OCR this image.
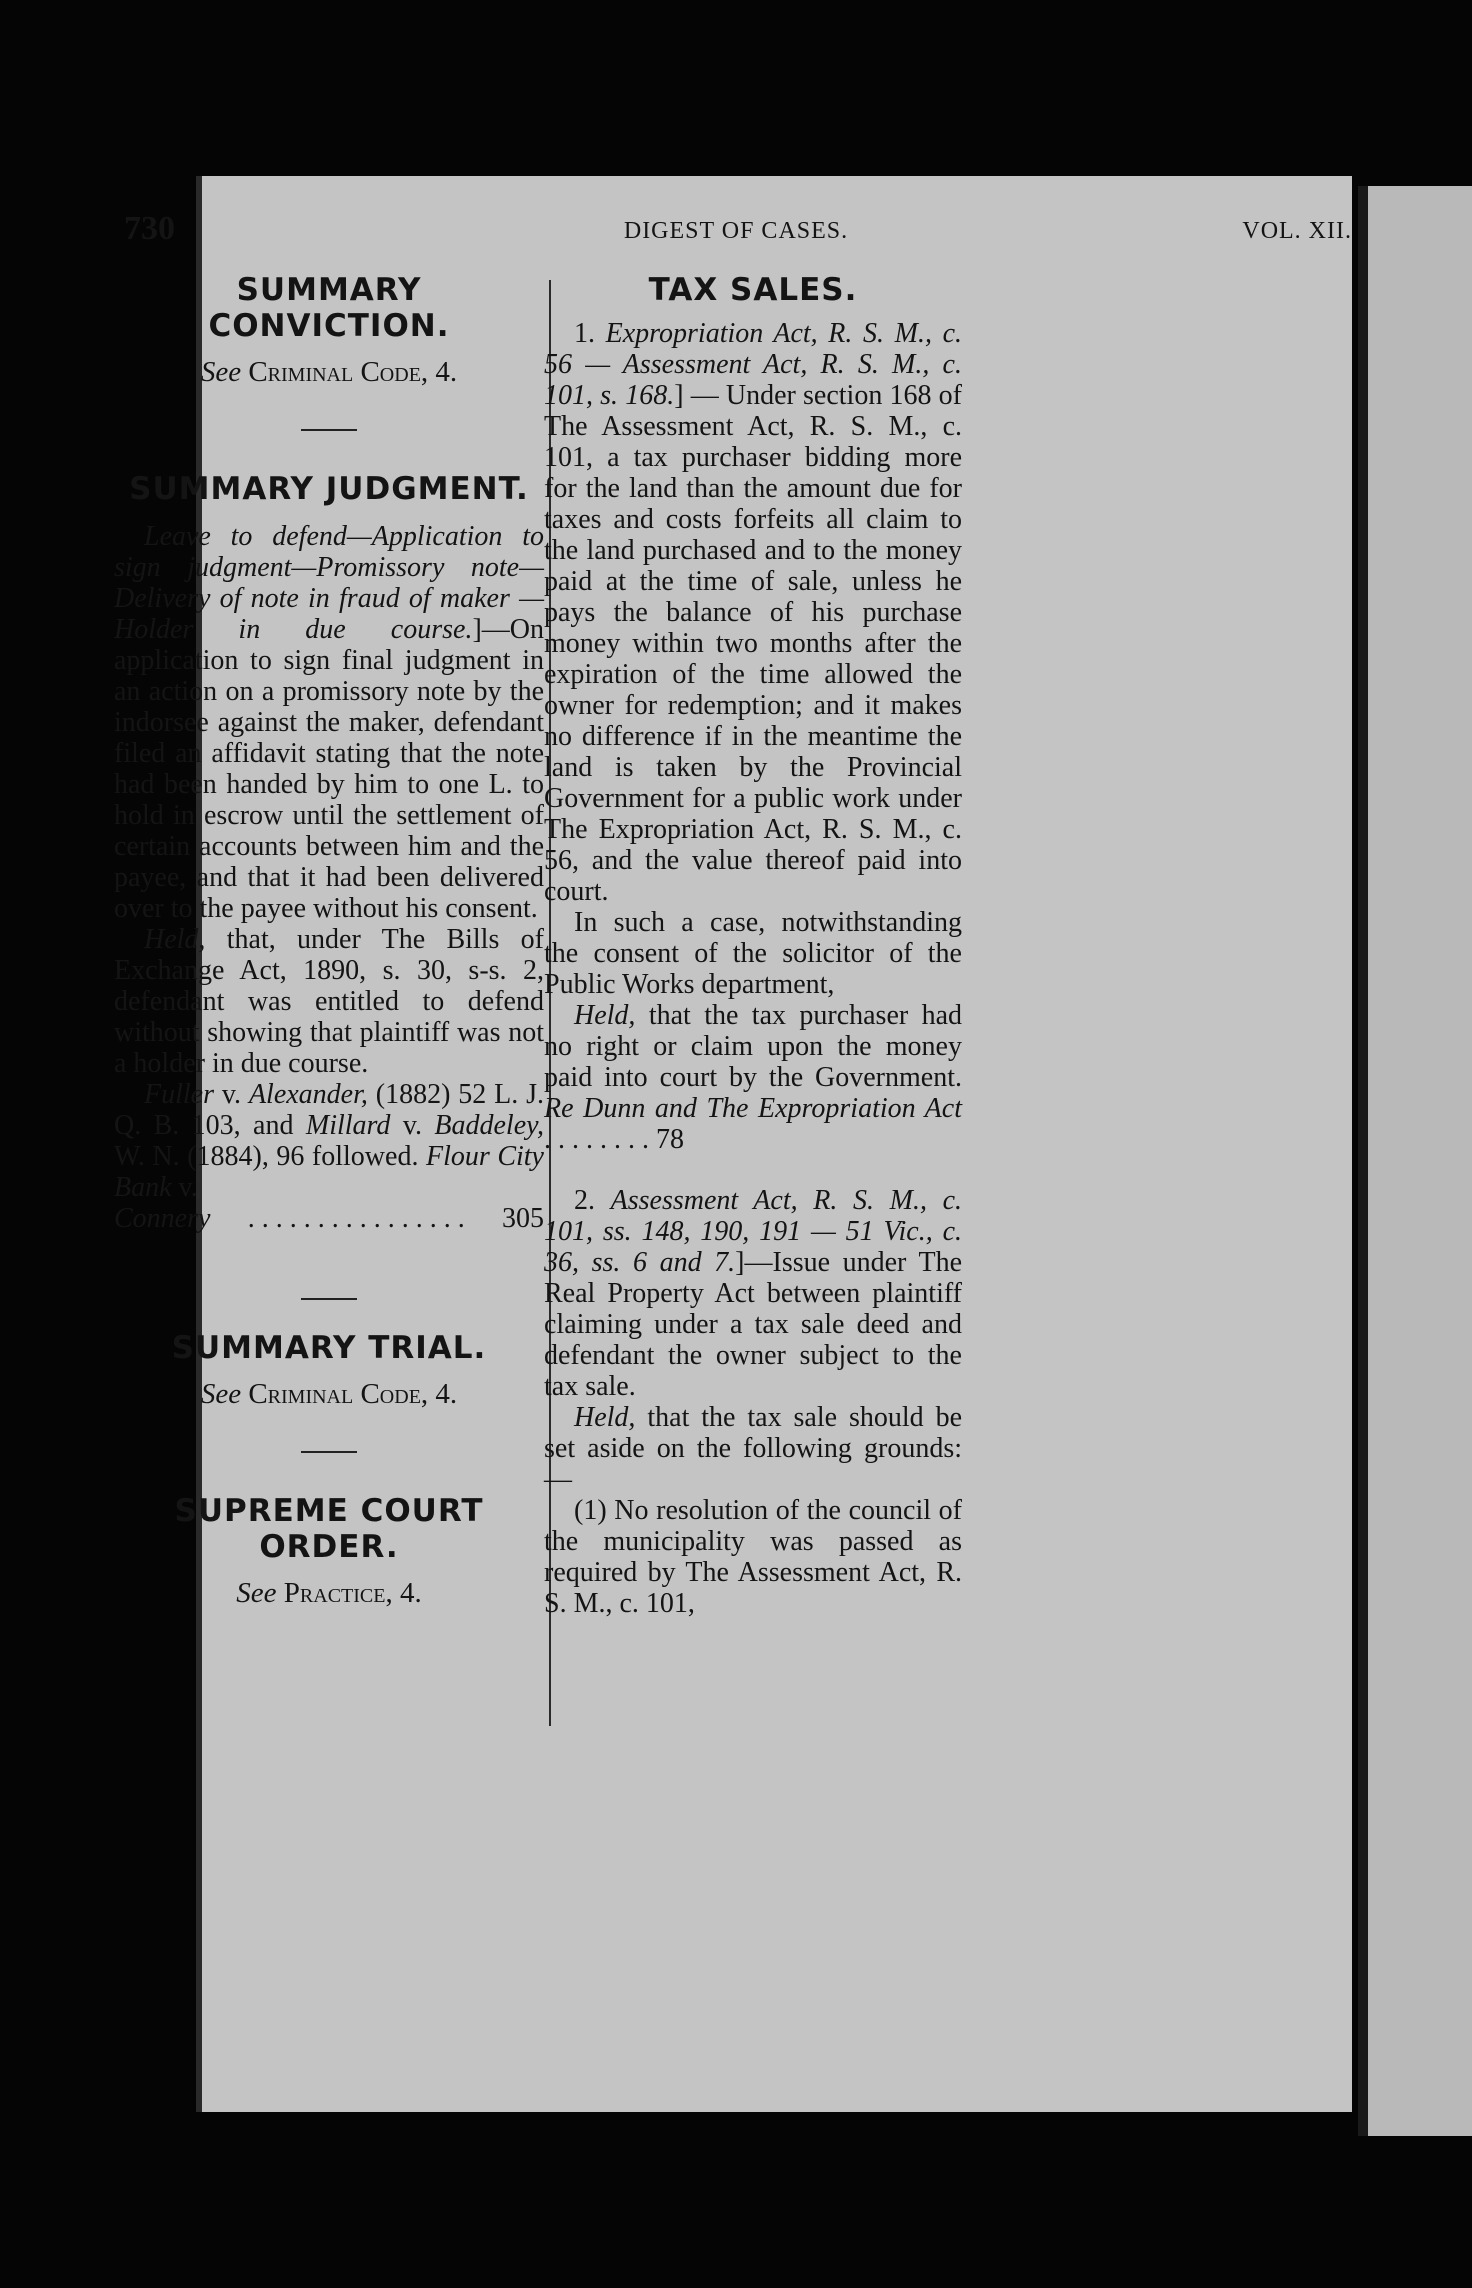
730	DIGEST OF CASES.	VOL. XII.
SUMMARY CONVICTION.

See Criminal Code, 4.

SUMMARY JUDGMENT.

Leave to defend—Application to sign judgment—Promissory note—Delivery of note in fraud of maker — Holder in due course.]—On application to sign final judgment in an action on a promissory note by the indorsee against the maker, defendant filed an affidavit stating that the note had been handed by him to one L. to hold in escrow until the settlement of certain accounts between him and the payee, and that it had been delivered over to the payee without his consent.

Held, that, under The Bills of Exchange Act, 1890, s. 30, s-s. 2, defendant was entitled to defend without showing that plaintiff was not a holder in due course.

Fuller v. Alexander, (1882) 52 L. J. Q. B. 103, and Millard v. Baddeley, W. N. (1884), 96 followed. Flour City Bank v.

Connery . . . . . . . . . . . . . . . . 305
SUMMARY TRIAL.

See Criminal Code, 4.

SUPREME COURT ORDER.

See Practice, 4.

TAX SALES.

1. Expropriation Act, R. S. M., c. 56 — Assessment Act, R. S. M., c. 101, s. 168.] — Under section 168 of The Assessment Act, R. S. M., c. 101, a tax purchaser bidding more for the land than the amount due for taxes and costs forfeits all claim to the land purchased and to the money paid at the time of sale, unless he pays the balance of his purchase money within two months after the expiration of the time allowed the owner for redemption; and it makes no difference if in the meantime the land is taken by the Provincial Government for a public work under The Expropriation Act, R. S. M., c. 56, and the value thereof paid into court.

In such a case, notwithstanding the consent of the solicitor of the Public Works department,

Held, that the tax purchaser had no right or claim upon the money paid into court by the Government. Re Dunn and The Expropriation Act . . . . . . . . 78

2. Assessment Act, R. S. M., c. 101, ss. 148, 190, 191 — 51 Vic., c. 36, ss. 6 and 7.]—Issue under The Real Property Act between plaintiff claiming under a tax sale deed and defendant the owner subject to the tax sale.

Held, that the tax sale should be set aside on the following grounds:—

(1) No resolution of the council of the municipality was passed as required by The Assessment Act, R. S. M., c. 101,
